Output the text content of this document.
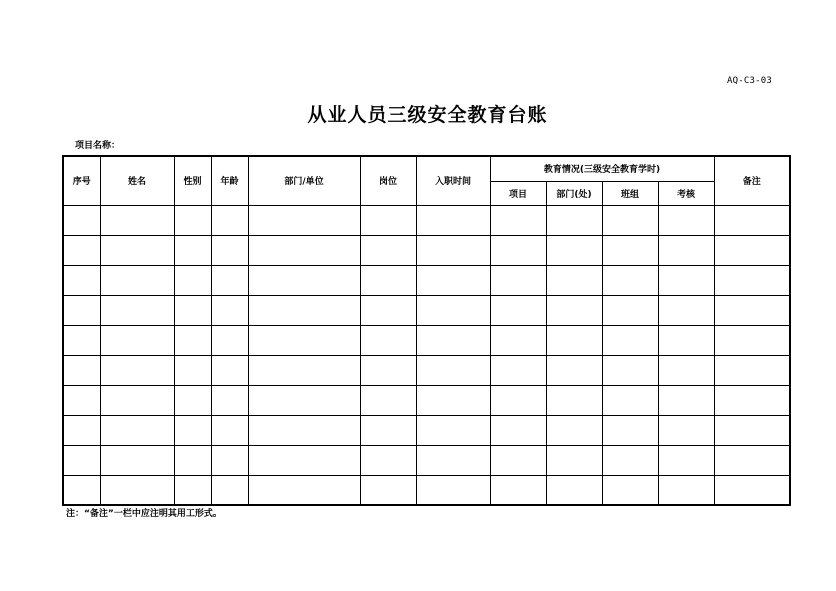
AQ-C3-03
从业人员三级安全教育台账
项目名称：
序号	姓名	性别	年龄	部门/单位	岗位	入职时间	教育情况(三级安全教育学时)				备注
							项目	部门(处)	班组	考核	

注：“备注”一栏中应注明其用工形式。
